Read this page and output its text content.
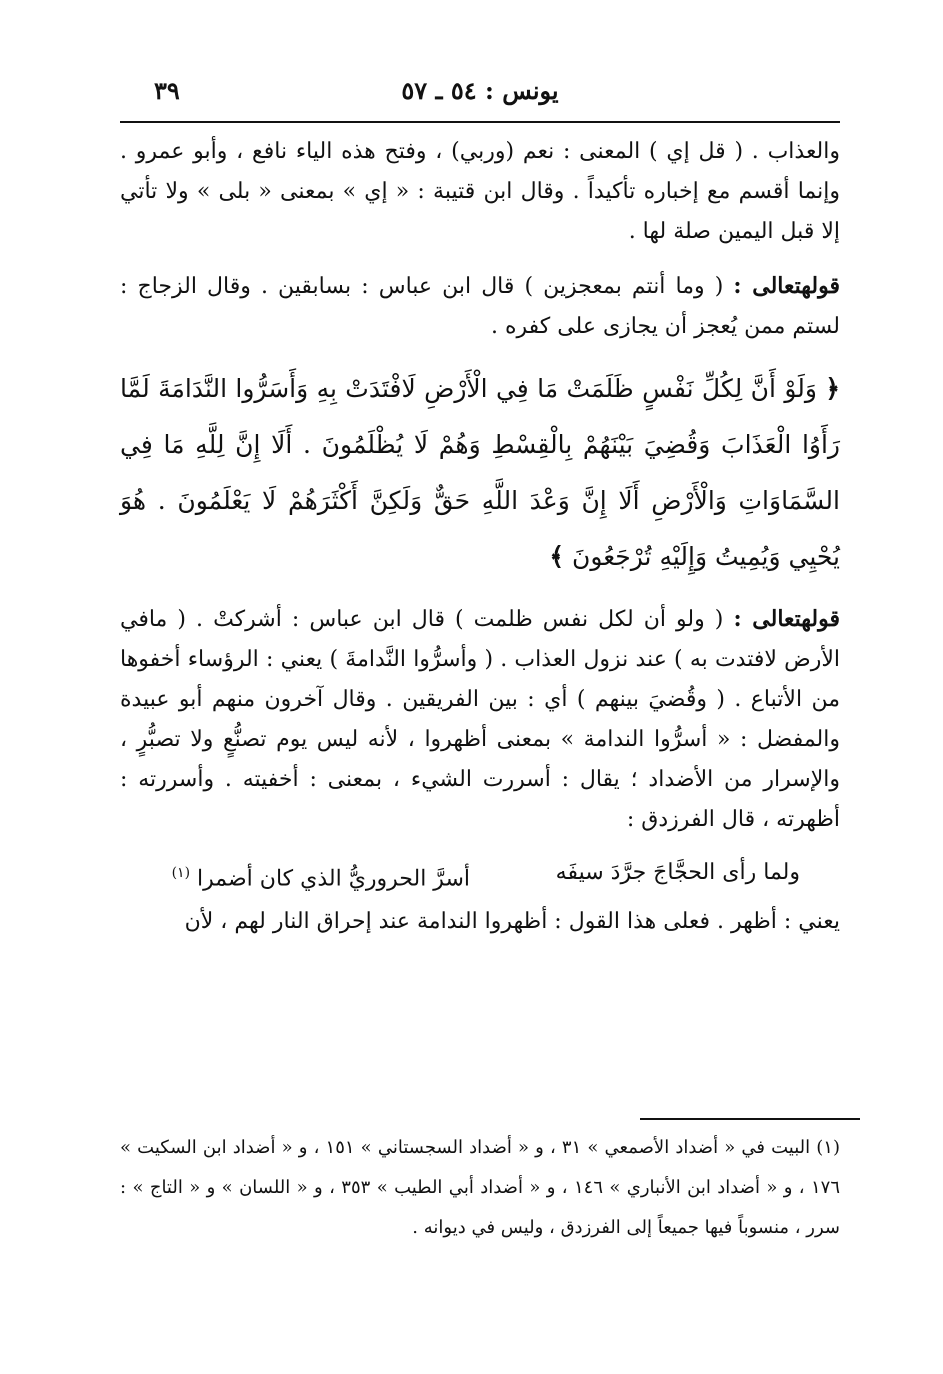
يونس : ٥٤ ـ ٥٧
٣٩

والعذاب . ( قل إي ) المعنى : نعم (وربي) ، وفتح هذه الياء نافع ، وأبو عمرو . وإنما أقسم مع إخباره تأكيداً . وقال ابن قتيبة : « إي » بمعنى « بلى » ولا تأتي إلا قبل اليمين صلة لها .

قولهتعالى : ( وما أنتم بمعجزين ) قال ابن عباس : بسابقين . وقال الزجاج : لستم ممن يُعجز أن يجازى على كفره .

﴿ وَلَوْ أَنَّ لِكُلِّ نَفْسٍ ظَلَمَتْ مَا فِي الْأَرْضِ لَافْتَدَتْ بِهِ وَأَسَرُّوا النَّدَامَةَ لَمَّا رَأَوُا الْعَذَابَ وَقُضِيَ بَيْنَهُمْ بِالْقِسْطِ وَهُمْ لَا يُظْلَمُونَ . أَلَا إِنَّ لِلَّهِ مَا فِي السَّمَاوَاتِ وَالْأَرْضِ أَلَا إِنَّ وَعْدَ اللَّهِ حَقٌّ وَلَكِنَّ أَكْثَرَهُمْ لَا يَعْلَمُونَ . هُوَ يُحْيِي وَيُمِيتُ وَإِلَيْهِ تُرْجَعُونَ ﴾

قولهتعالى : ( ولو أن لكل نفس ظلمت ) قال ابن عباس : أشركتْ . ( مافي الأرض لافتدت به ) عند نزول العذاب . ( وأسرُّوا النَّدامةَ ) يعني : الرؤساء أخفوها من الأتباع . ( وقُضيَ بينهم ) أي : بين الفريقين . وقال آخرون منهم أبو عبيدة والمفضل : « أسرُّوا الندامة » بمعنى أظهروا ، لأنه ليس يوم تصنُّعٍ ولا تصبُّرٍ ، والإسرار من الأضداد ؛ يقال : أسررت الشيء ، بمعنى : أخفيته . وأسررته : أظهرته ، قال الفرزدق :

ولما رأى الحجَّاجَ جرَّدَ سيفَه
أسرَّ الحروريُّ الذي كان أضمرا $^{(١)}$

يعني : أظهر . فعلى هذا القول : أظهروا الندامة عند إحراق النار لهم ، لأن

(١) البيت في « أضداد الأصمعي » ٣١ ، و « أضداد السجستاني » ١٥١ ، و « أضداد ابن السكيت » ١٧٦ ، و « أضداد ابن الأنباري » ١٤٦ ، و « أضداد أبي الطيب » ٣٥٣ ، و « اللسان » و « التاج » : سرر ، منسوباً فيها جميعاً إلى الفرزدق ، وليس في ديوانه .
